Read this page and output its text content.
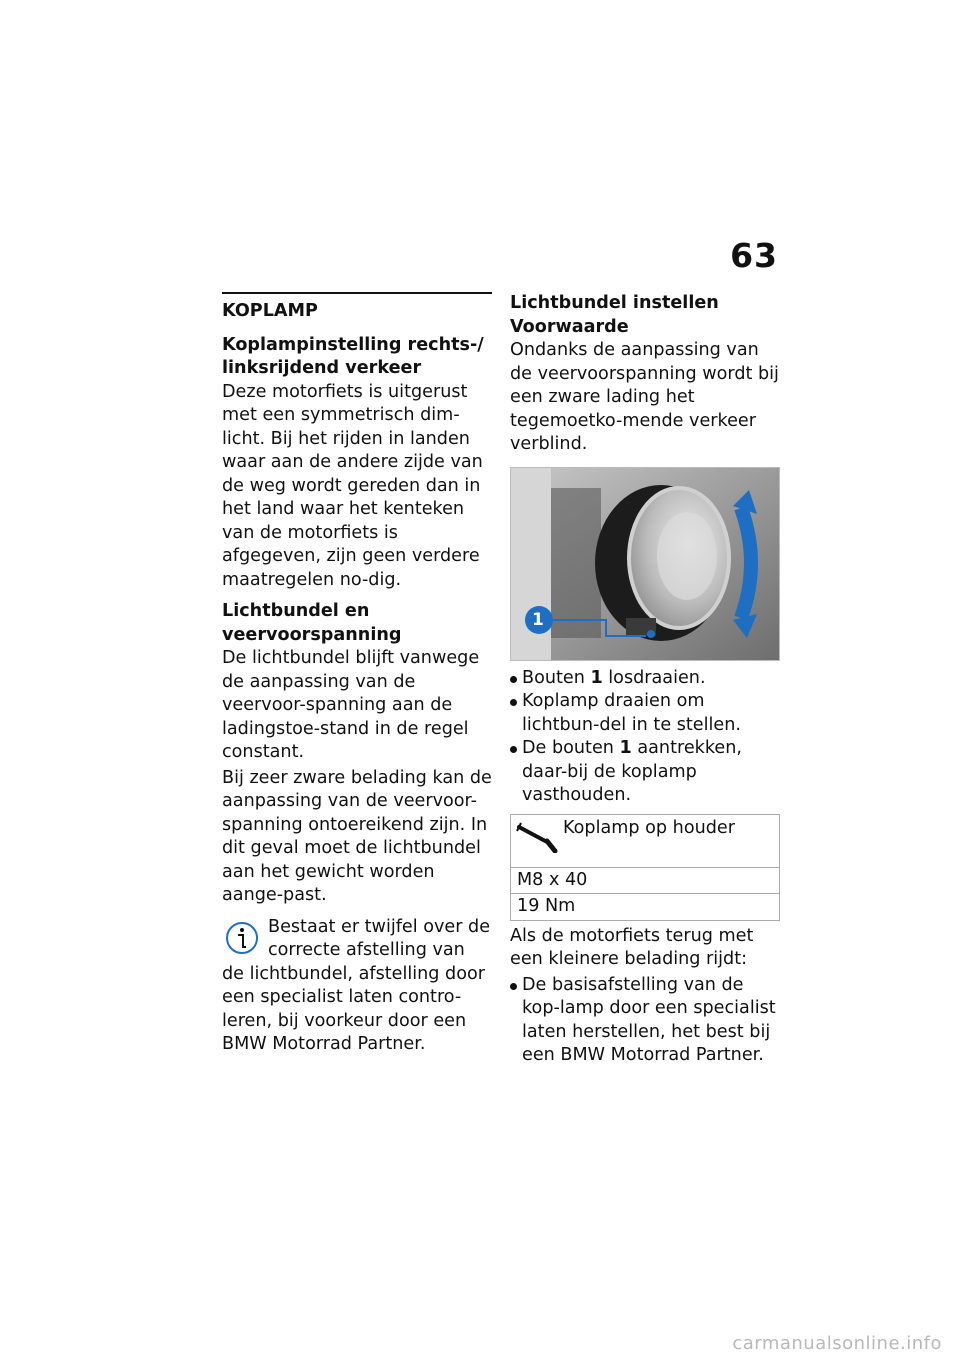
63
KOPLAMP

Koplampinstelling rechts-/ linksrijdend verkeer

Deze motorfiets is uitgerust met een symmetrisch dim-licht. Bij het rijden in landen waar aan de andere zijde van de weg wordt gereden dan in het land waar het kenteken van de motorfiets is afgegeven, zijn geen verdere maatregelen no-dig.

Lichtbundel en veervoorspanning

De lichtbundel blijft vanwege de aanpassing van de veervoor-spanning aan de ladingstoe-stand in de regel constant.

Bij zeer zware belading kan de aanpassing van de veervoor-spanning ontoereikend zijn. In dit geval moet de lichtbundel aan het gewicht worden aange-past.

Bestaat er twijfel over de correcte afstelling van de lichtbundel, afstelling door een specialist laten contro-leren, bij voorkeur door een BMW Motorrad Partner.

Lichtbundel instellen

Voorwaarde

Ondanks de aanpassing van de veervoorspanning wordt bij een zware lading het tegemoetko-mende verkeer verblind.

1
Bouten 1 losdraaien.
Koplamp draaien om lichtbun-del in te stellen.
De bouten 1 aantrekken, daar-bij de koplamp vasthouden.
Koplamp op houder
M8 x 40
19 Nm

Als de motorfiets terug met een kleinere belading rijdt:

De basisafstelling van de kop-lamp door een specialist laten herstellen, het best bij een BMW Motorrad Partner.
carmanualsonline.info
